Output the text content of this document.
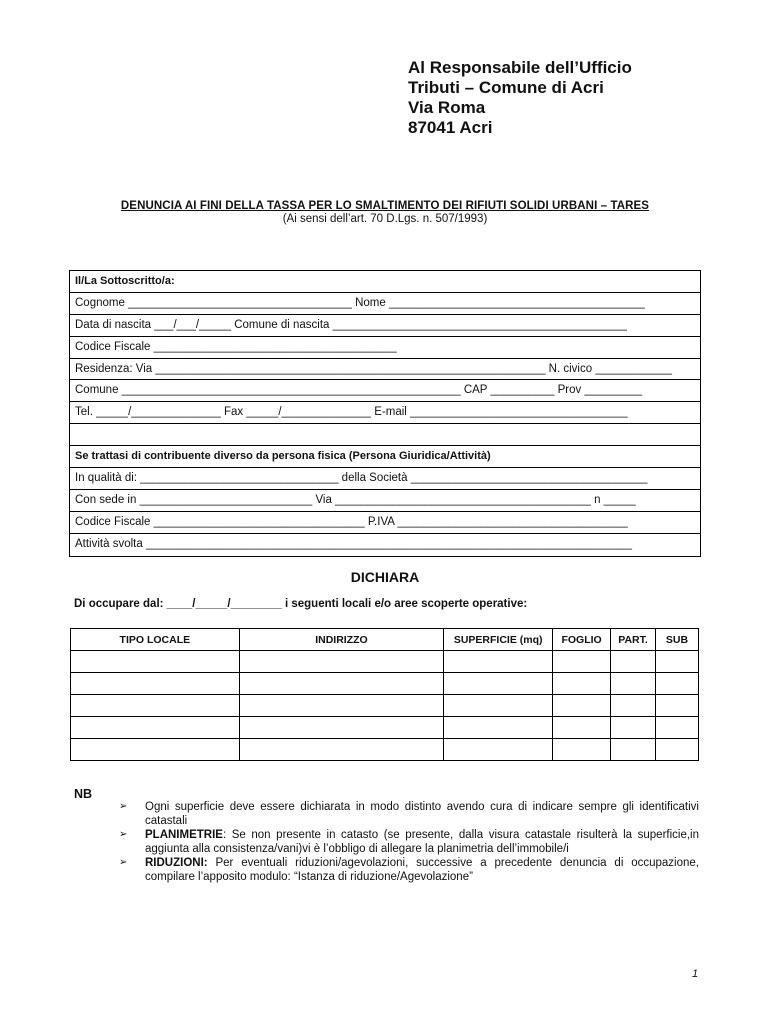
Al Responsabile dell’Ufficio
Tributi – Comune di Acri
Via Roma
87041 Acri
DENUNCIA AI FINI DELLA TASSA PER LO SMALTIMENTO DEI RIFIUTI SOLIDI URBANI – TARES
(Ai sensi dell’art. 70 D.Lgs. n. 507/1993)
Il/La Sottoscritto/a:
Cognome ___________________________________ Nome ________________________________________
Data di nascita ___/___/_____ Comune di nascita ______________________________________________
Codice Fiscale ______________________________________
Residenza: Via _____________________________________________________________ N. civico ____________
Comune _____________________________________________________ CAP __________ Prov _________
Tel. _____/______________ Fax _____/______________ E-mail __________________________________
Se trattasi di contribuente diverso da persona fisica (Persona Giuridica/Attività)
In qualità di: _______________________________ della Società _____________________________________
Con sede in ___________________________ Via ________________________________________ n _____
Codice Fiscale _________________________________ P.IVA ____________________________________
Attività svolta ____________________________________________________________________________
DICHIARA
Di occupare dal: ____/_____/________ i seguenti locali e/o aree scoperte operative:
TIPO LOCALE	INDIRIZZO	SUPERFICIE (mq)	FOGLIO	PART.	SUB

NB
➢	Ogni superficie deve essere dichiarata in modo distinto avendo cura di indicare sempre gli identificativi catastali
➢	PLANIMETRIE: Se non presente in catasto (se presente, dalla visura catastale risulterà la superficie,in aggiunta alla consistenza/vani)vi è l’obbligo di allegare la planimetria dell’immobile/i
➢	RIDUZIONI: Per eventuali riduzioni/agevolazioni, successive a precedente denuncia di occupazione, compilare l’apposito modulo: “Istanza di riduzione/Agevolazione”
1
